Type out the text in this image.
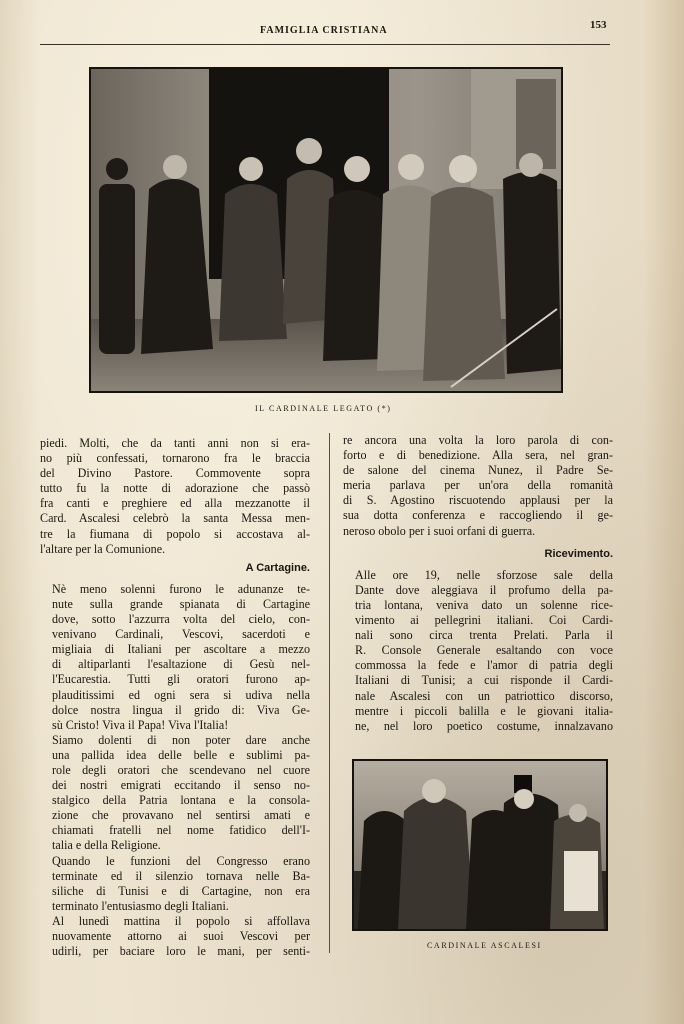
FAMIGLIA CRISTIANA	153
IL CARDINALE LEGATO (*)

piedi. Molti, che da tanti anni non si era-
no più confessati, tornarono fra le braccia
del Divino Pastore. Commovente sopra
tutto fu la notte di adorazione che passò
fra canti e preghiere ed alla mezzanotte il
Card. Ascalesi celebrò la santa Messa men-
tre la fiumana di popolo si accostava al-
l'altare per la Comunione.

A Cartagine.

Nè meno solenni furono le adunanze te-
nute sulla grande spianata di Cartagine
dove, sotto l'azzurra volta del cielo, con-
venivano Cardinali, Vescovi, sacerdoti e
migliaia di Italiani per ascoltare a mezzo
di altiparlanti l'esaltazione di Gesù nel-
l'Eucarestia. Tutti gli oratori furono ap-
plauditissimi ed ogni sera si udiva nella
dolce nostra lingua il grido di: Viva Ge-
sù Cristo! Viva il Papa! Viva l'Italia!

Siamo dolenti di non poter dare anche
una pallida idea delle belle e sublimi pa-
role degli oratori che scendevano nel cuore
dei nostri emigrati eccitando il senso no-
stalgico della Patria lontana e la consola-
zione che provavano nel sentirsi amati e
chiamati fratelli nel nome fatidico dell'I-
talia e della Religione.

Quando le funzioni del Congresso erano
terminate ed il silenzio tornava nelle Ba-
siliche di Tunisi e di Cartagine, non era
terminato l'entusiasmo degli Italiani.

Al lunedì mattina il popolo si affollava
nuovamente attorno ai suoi Vescovi per
udirli, per baciare loro le mani, per senti-

re ancora una volta la loro parola di con-
forto e di benedizione. Alla sera, nel gran-
de salone del cinema Nunez, il Padre Se-
meria parlava per un'ora della romanità
di S. Agostino riscuotendo applausi per la
sua dotta conferenza e raccogliendo il ge-
neroso obolo per i suoi orfani di guerra.

Ricevimento.

Alle ore 19, nelle sforzose sale della
Dante dove aleggiava il profumo della pa-
tria lontana, veniva dato un solenne rice-
vimento ai pellegrini italiani. Coi Cardi-
nali sono circa trenta Prelati. Parla il
R. Console Generale esaltando con voce
commossa la fede e l'amor di patria degli
Italiani di Tunisi; a cui risponde il Cardi-
nale Ascalesi con un patriottico discorso,
mentre i piccoli balilla e le giovani italia-
ne, nel loro poetico costume, innalzavano

CARDINALE ASCALESI
